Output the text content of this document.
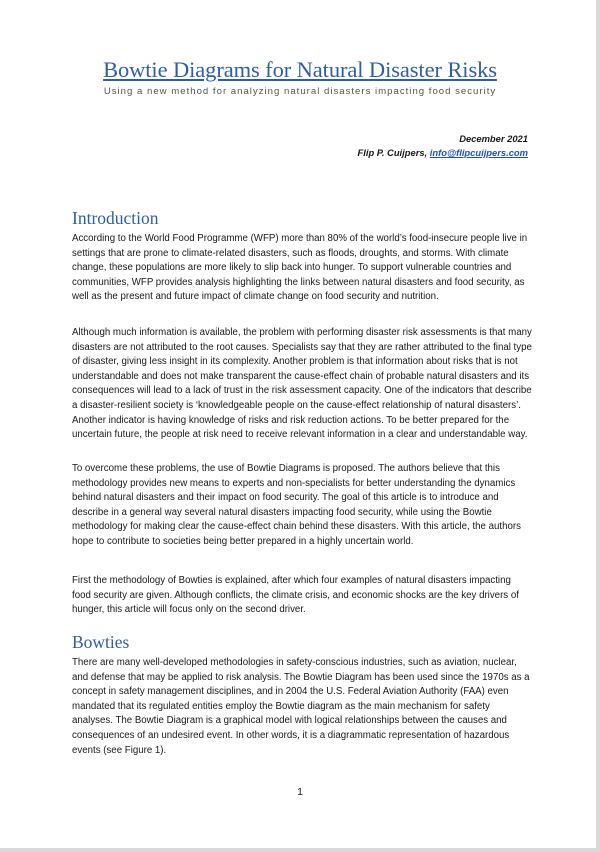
Bowtie Diagrams for Natural Disaster Risks
Using a new method for analyzing natural disasters impacting food security
December 2021
Flip P. Cuijpers, info@flipcuijpers.com
Introduction
According to the World Food Programme (WFP) more than 80% of the world’s food-insecure people live in settings that are prone to climate-related disasters, such as floods, droughts, and storms. With climate change, these populations are more likely to slip back into hunger. To support vulnerable countries and communities, WFP provides analysis highlighting the links between natural disasters and food security, as well as the present and future impact of climate change on food security and nutrition.
Although much information is available, the problem with performing disaster risk assessments is that many disasters are not attributed to the root causes. Specialists say that they are rather attributed to the final type of disaster, giving less insight in its complexity. Another problem is that information about risks that is not understandable and does not make transparent the cause-effect chain of probable natural disasters and its consequences will lead to a lack of trust in the risk assessment capacity. One of the indicators that describe a disaster-resilient society is ‘knowledgeable people on the cause-effect relationship of natural disasters’. Another indicator is having knowledge of risks and risk reduction actions. To be better prepared for the uncertain future, the people at risk need to receive relevant information in a clear and understandable way.
To overcome these problems, the use of Bowtie Diagrams is proposed. The authors believe that this methodology provides new means to experts and non-specialists for better understanding the dynamics behind natural disasters and their impact on food security. The goal of this article is to introduce and describe in a general way several natural disasters impacting food security, while using the Bowtie methodology for making clear the cause-effect chain behind these disasters. With this article, the authors hope to contribute to societies being better prepared in a highly uncertain world.
First the methodology of Bowties is explained, after which four examples of natural disasters impacting food security are given. Although conflicts, the climate crisis, and economic shocks are the key drivers of hunger, this article will focus only on the second driver.
Bowties
There are many well-developed methodologies in safety-conscious industries, such as aviation, nuclear, and defense that may be applied to risk analysis. The Bowtie Diagram has been used since the 1970s as a concept in safety management disciplines, and in 2004 the U.S. Federal Aviation Authority (FAA) even mandated that its regulated entities employ the Bowtie diagram as the main mechanism for safety analyses. The Bowtie Diagram is a graphical model with logical relationships between the causes and consequences of an undesired event. In other words, it is a diagrammatic representation of hazardous events (see Figure 1).
1
